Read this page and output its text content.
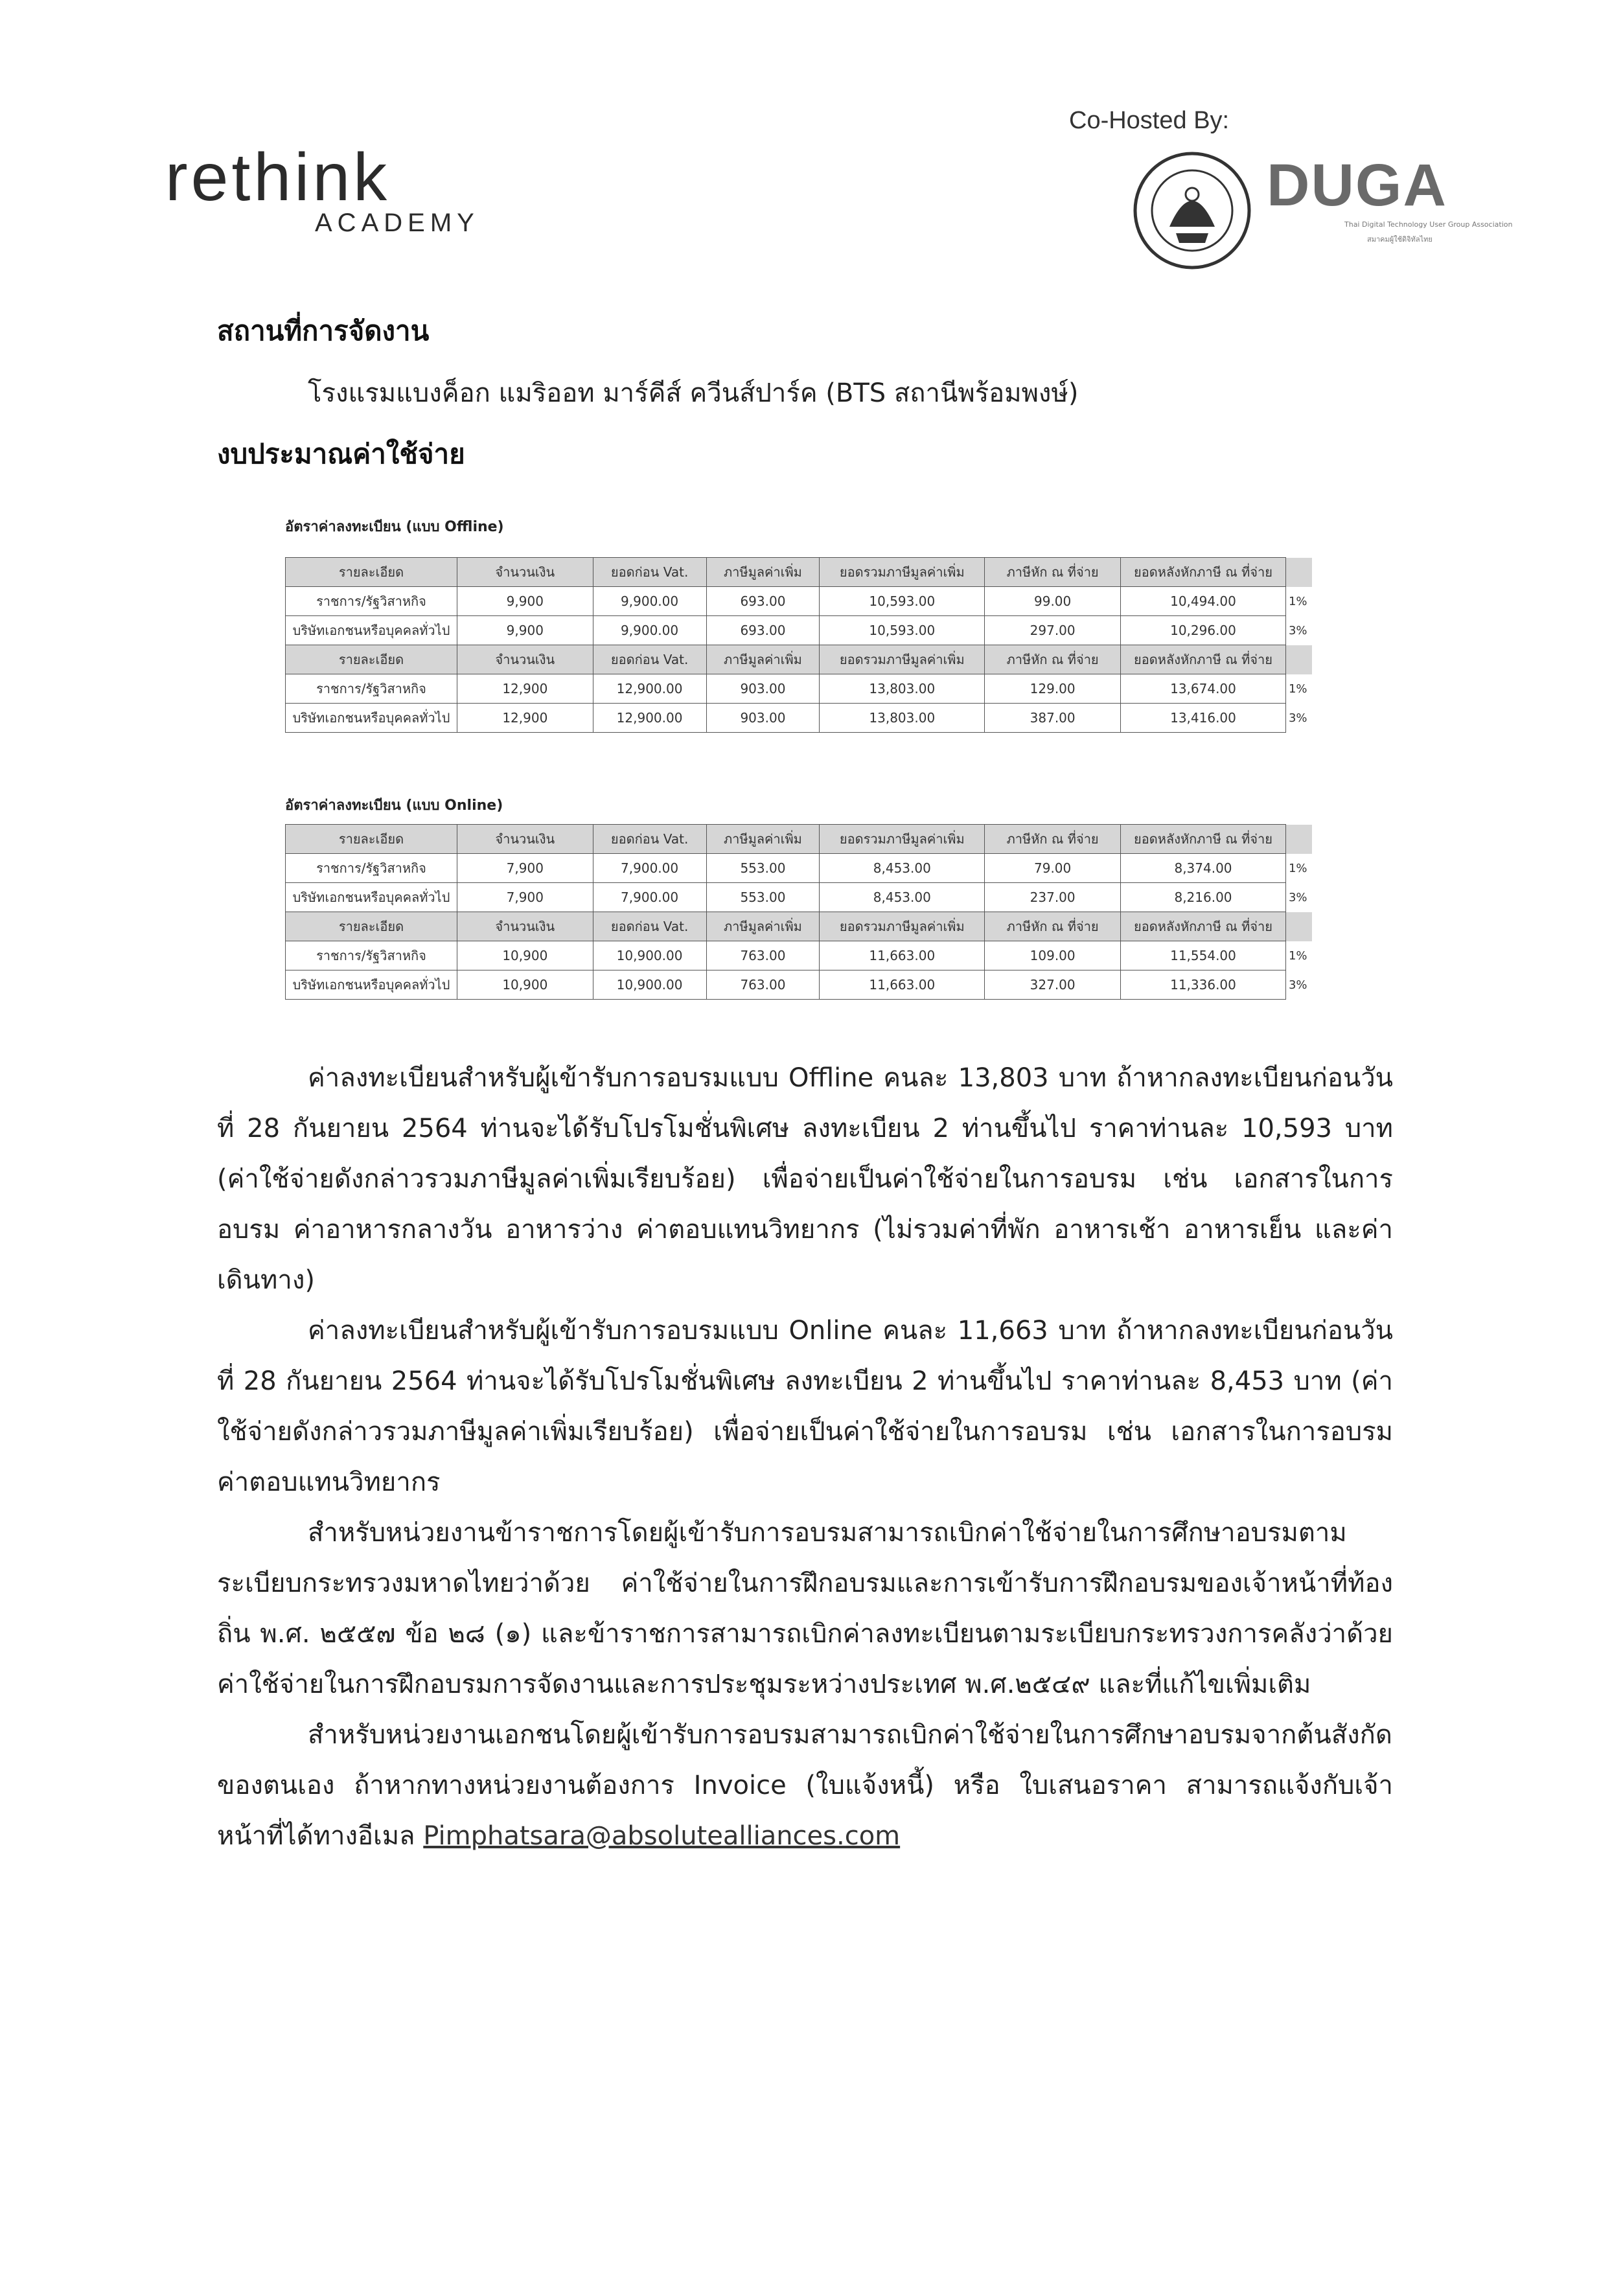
rethink
ACADEMY
Co-Hosted By:
DUGA
Thai Digital Technology User Group Association
สมาคมผู้ใช้ดิจิทัลไทย
สถานที่การจัดงาน
โรงแรมแบงค็อก แมริออท มาร์คีส์ ควีนส์ปาร์ค (BTS สถานีพร้อมพงษ์)
งบประมาณค่าใช้จ่าย
อัตราค่าลงทะเบียน (แบบ Offline)
รายละเอียด	จำนวนเงิน	ยอดก่อน Vat.	ภาษีมูลค่าเพิ่ม	ยอดรวมภาษีมูลค่าเพิ่ม	ภาษีหัก ณ ที่จ่าย	ยอดหลังหักภาษี ณ ที่จ่าย	
ราชการ/รัฐวิสาหกิจ	9,900	9,900.00	693.00	10,593.00	99.00	10,494.00	1%
บริษัทเอกชนหรือบุคคลทั่วไป	9,900	9,900.00	693.00	10,593.00	297.00	10,296.00	3%
รายละเอียด	จำนวนเงิน	ยอดก่อน Vat.	ภาษีมูลค่าเพิ่ม	ยอดรวมภาษีมูลค่าเพิ่ม	ภาษีหัก ณ ที่จ่าย	ยอดหลังหักภาษี ณ ที่จ่าย	
ราชการ/รัฐวิสาหกิจ	12,900	12,900.00	903.00	13,803.00	129.00	13,674.00	1%
บริษัทเอกชนหรือบุคคลทั่วไป	12,900	12,900.00	903.00	13,803.00	387.00	13,416.00	3%
อัตราค่าลงทะเบียน (แบบ Online)
รายละเอียด	จำนวนเงิน	ยอดก่อน Vat.	ภาษีมูลค่าเพิ่ม	ยอดรวมภาษีมูลค่าเพิ่ม	ภาษีหัก ณ ที่จ่าย	ยอดหลังหักภาษี ณ ที่จ่าย	
ราชการ/รัฐวิสาหกิจ	7,900	7,900.00	553.00	8,453.00	79.00	8,374.00	1%
บริษัทเอกชนหรือบุคคลทั่วไป	7,900	7,900.00	553.00	8,453.00	237.00	8,216.00	3%
รายละเอียด	จำนวนเงิน	ยอดก่อน Vat.	ภาษีมูลค่าเพิ่ม	ยอดรวมภาษีมูลค่าเพิ่ม	ภาษีหัก ณ ที่จ่าย	ยอดหลังหักภาษี ณ ที่จ่าย	
ราชการ/รัฐวิสาหกิจ	10,900	10,900.00	763.00	11,663.00	109.00	11,554.00	1%
บริษัทเอกชนหรือบุคคลทั่วไป	10,900	10,900.00	763.00	11,663.00	327.00	11,336.00	3%

ค่าลงทะเบียนสำหรับผู้เข้ารับการอบรมแบบ Offline คนละ 13,803 บาท ถ้าหากลงทะเบียนก่อนวันที่ 28 กันยายน 2564 ท่านจะได้รับโปรโมชั่นพิเศษ ลงทะเบียน 2 ท่านขึ้นไป ราคาท่านละ 10,593 บาท (ค่าใช้จ่ายดังกล่าวรวมภาษีมูลค่าเพิ่มเรียบร้อย) เพื่อจ่ายเป็นค่าใช้จ่ายในการอบรม เช่น เอกสารในการอบรม ค่าอาหารกลางวัน อาหารว่าง ค่าตอบแทนวิทยากร (ไม่รวมค่าที่พัก อาหารเช้า อาหารเย็น และค่าเดินทาง)

ค่าลงทะเบียนสำหรับผู้เข้ารับการอบรมแบบ Online คนละ 11,663 บาท ถ้าหากลงทะเบียนก่อนวันที่ 28 กันยายน 2564 ท่านจะได้รับโปรโมชั่นพิเศษ ลงทะเบียน 2 ท่านขึ้นไป ราคาท่านละ 8,453 บาท (ค่าใช้จ่ายดังกล่าวรวมภาษีมูลค่าเพิ่มเรียบร้อย) เพื่อจ่ายเป็นค่าใช้จ่ายในการอบรม เช่น เอกสารในการอบรม ค่าตอบแทนวิทยากร

สำหรับหน่วยงานข้าราชการโดยผู้เข้ารับการอบรมสามารถเบิกค่าใช้จ่ายในการศึกษาอบรมตามระเบียบกระทรวงมหาดไทยว่าด้วย ค่าใช้จ่ายในการฝึกอบรมและการเข้ารับการฝึกอบรมของเจ้าหน้าที่ท้องถิ่น พ.ศ. ๒๕๕๗ ข้อ ๒๘ (๑) และข้าราชการสามารถเบิกค่าลงทะเบียนตามระเบียบกระทรวงการคลังว่าด้วยค่าใช้จ่ายในการฝึกอบรมการจัดงานและการประชุมระหว่างประเทศ พ.ศ.๒๕๔๙ และที่แก้ไขเพิ่มเติม

สำหรับหน่วยงานเอกชนโดยผู้เข้ารับการอบรมสามารถเบิกค่าใช้จ่ายในการศึกษาอบรมจากต้นสังกัดของตนเอง ถ้าหากทางหน่วยงานต้องการ Invoice (ใบแจ้งหนี้) หรือ ใบเสนอราคา สามารถแจ้งกับเจ้าหน้าที่ได้ทางอีเมล Pimphatsara@absolutealliances.com
